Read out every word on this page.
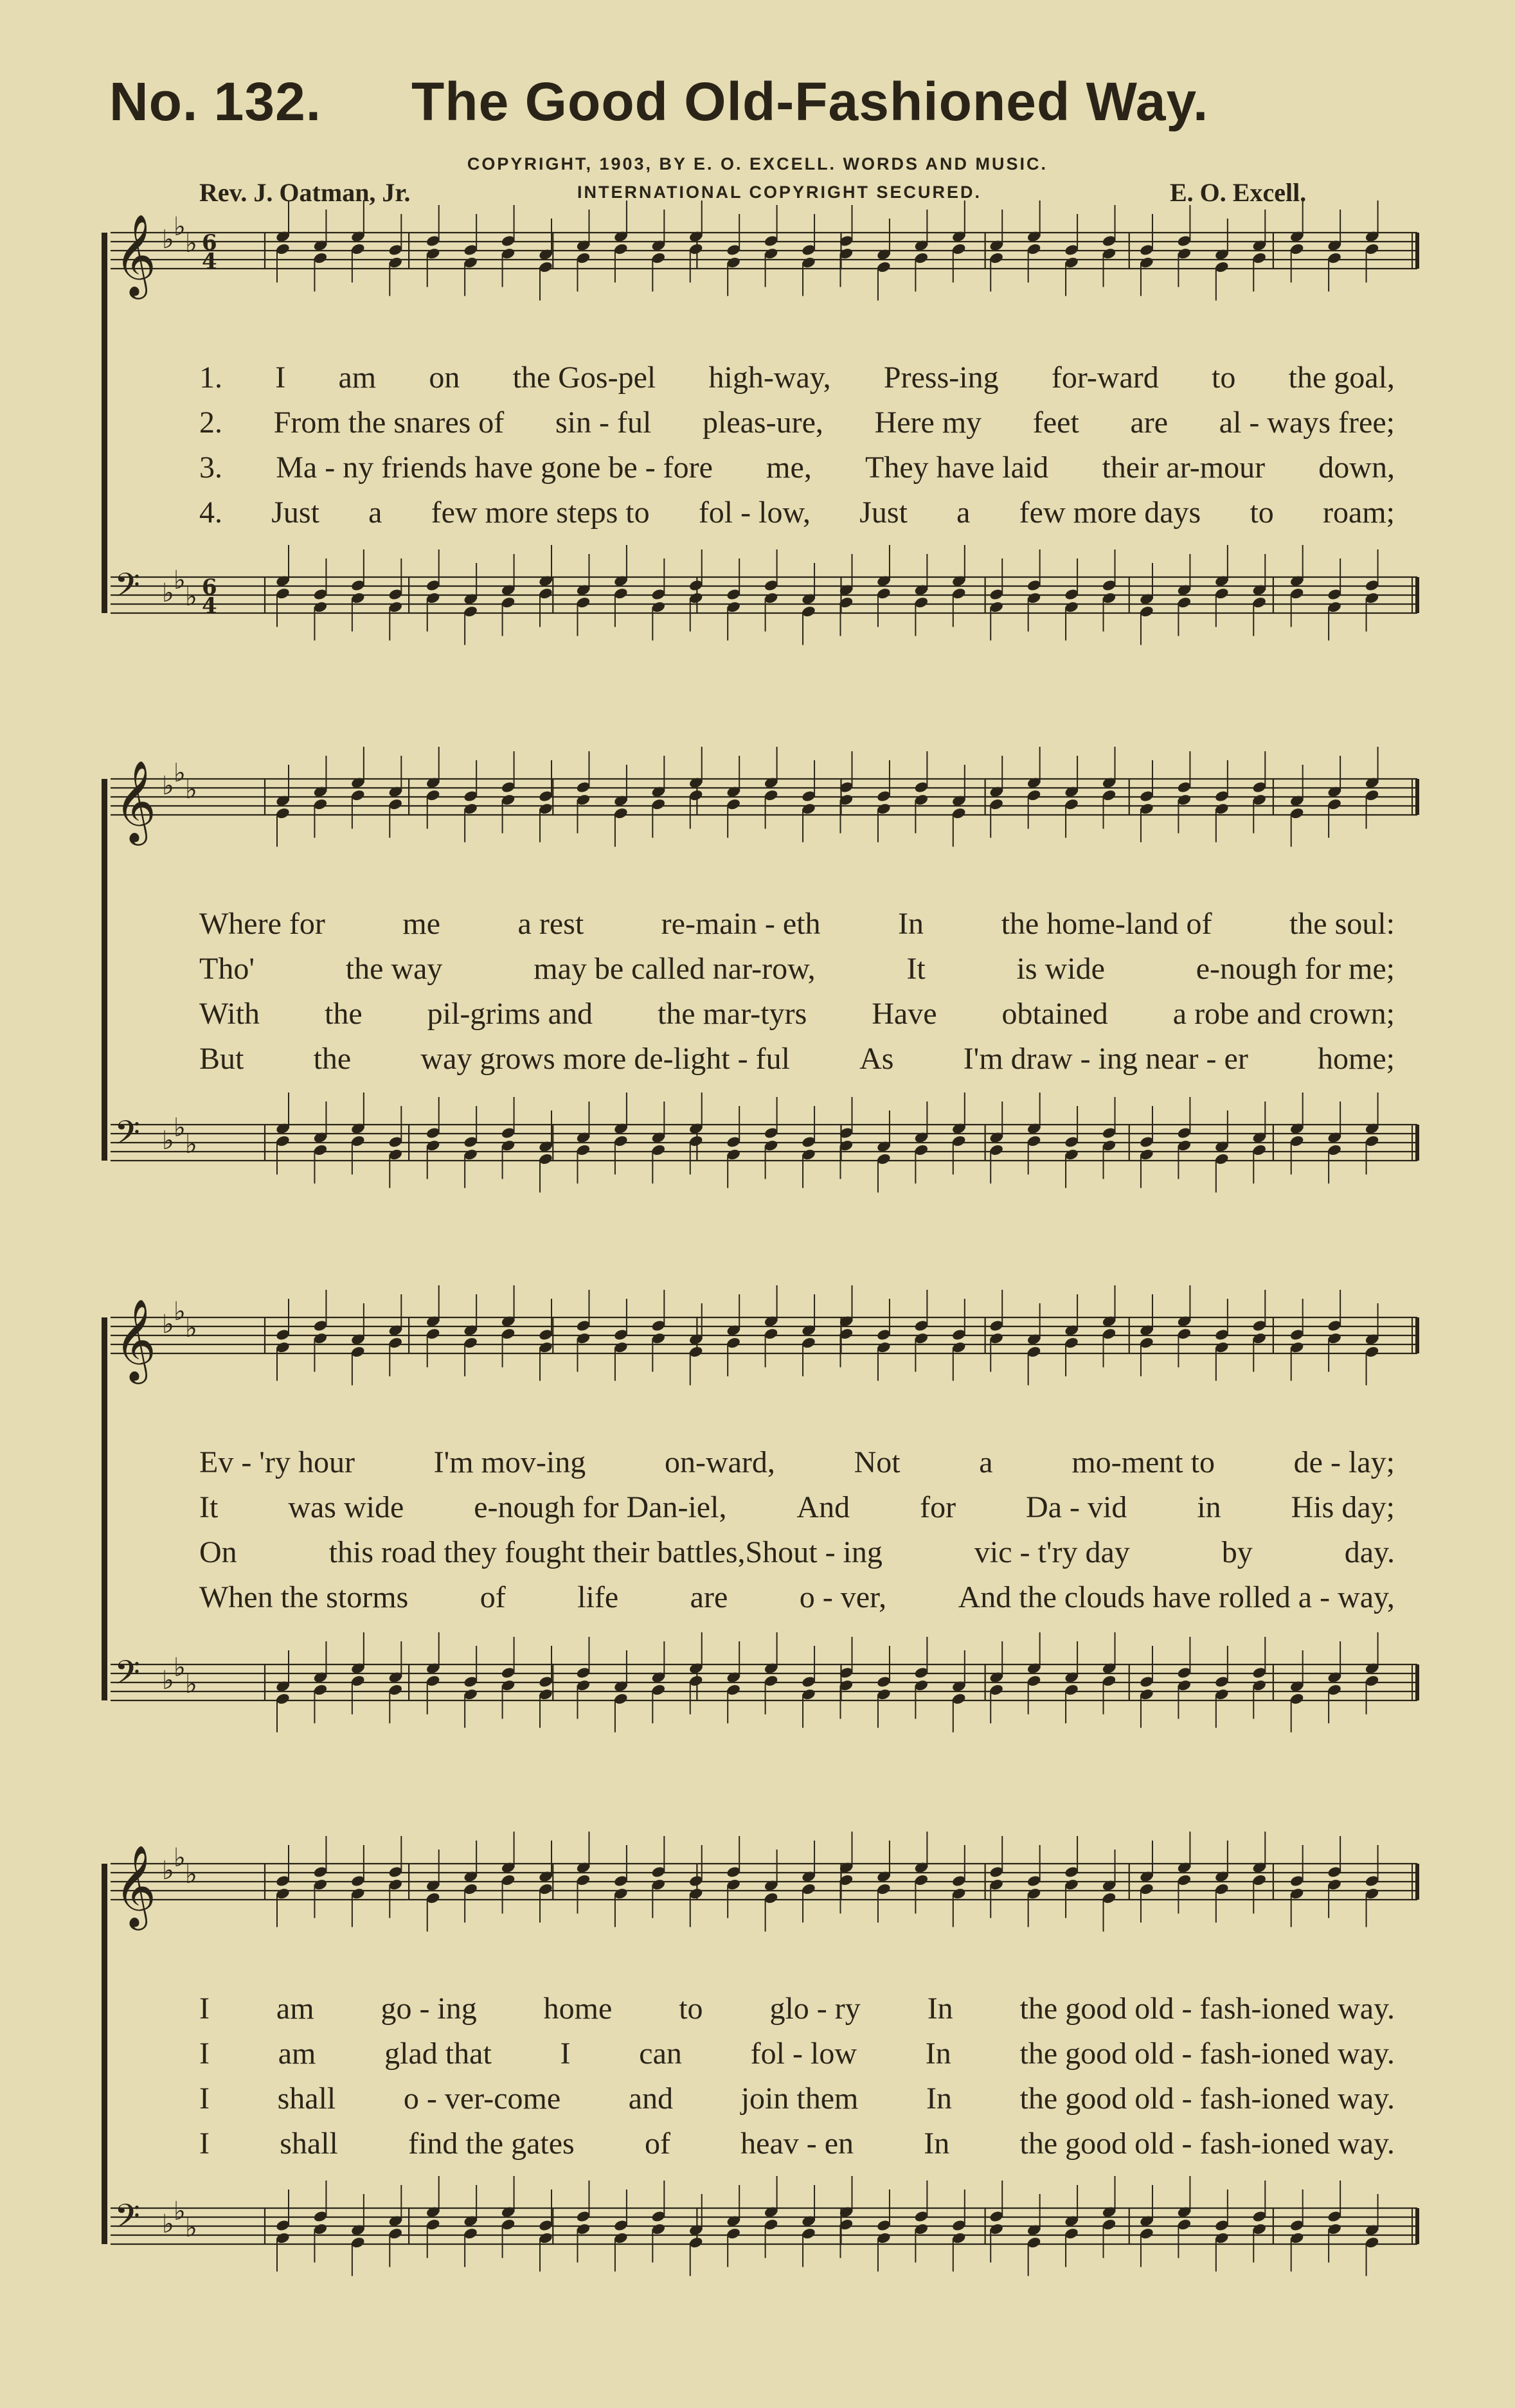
No. 132. The Good Old-Fashioned Way.
COPYRIGHT, 1903, BY E. O. EXCELL. WORDS AND MUSIC.
INTERNATIONAL COPYRIGHT SECURED.
Rev. J. Oatman, Jr.	E. O. Excell.
𝄞 ♭ ♭
♭ 6
4
𝄢 ♭ ♭
♭ 6
4
𝄞 ♭ ♭
♭
𝄢 ♭ ♭
♭
𝄞 ♭ ♭
♭
𝄢 ♭ ♭
♭
𝄞 ♭ ♭
♭
𝄢 ♭ ♭
♭
1. I am on the Gos-pel high-way, Press-ing for-ward to the goal,
2. From the snares of sin - ful pleas-ure, Here my feet are al - ways free;
3. Ma - ny friends have gone be - fore me, They have laid their ar-mour down,
4. Just a few more steps to fol - low, Just a few more days to roam;
Where for	me	a rest	re-main - eth	In	the home-land of	the soul:
Tho'	the way	may be called nar-row,	It	is wide	e-nough for me;
With the pil-grims and the mar-tyrs Have obtained a robe and crown;
But the way grows more de-light - ful As I'm draw - ing near - er home;
Ev - 'ry hour	I'm mov-ing	on-ward,	Not	a	mo-ment to	de - lay;
It was wide e-nough for Dan-iel, And for Da - vid in His day;
On	this road they fought their battles,Shout - ing	vic - t'ry day	by	day.
When the storms of life are o - ver, And the clouds have rolled a - way,
I am go - ing home to glo - ry In the good old - fash-ioned way.
I am glad that I can fol - low In the good old - fash-ioned way.
I shall o - ver-come and join them In the good old - fash-ioned way.
I shall find the gates of heav - en In the good old - fash-ioned way.
